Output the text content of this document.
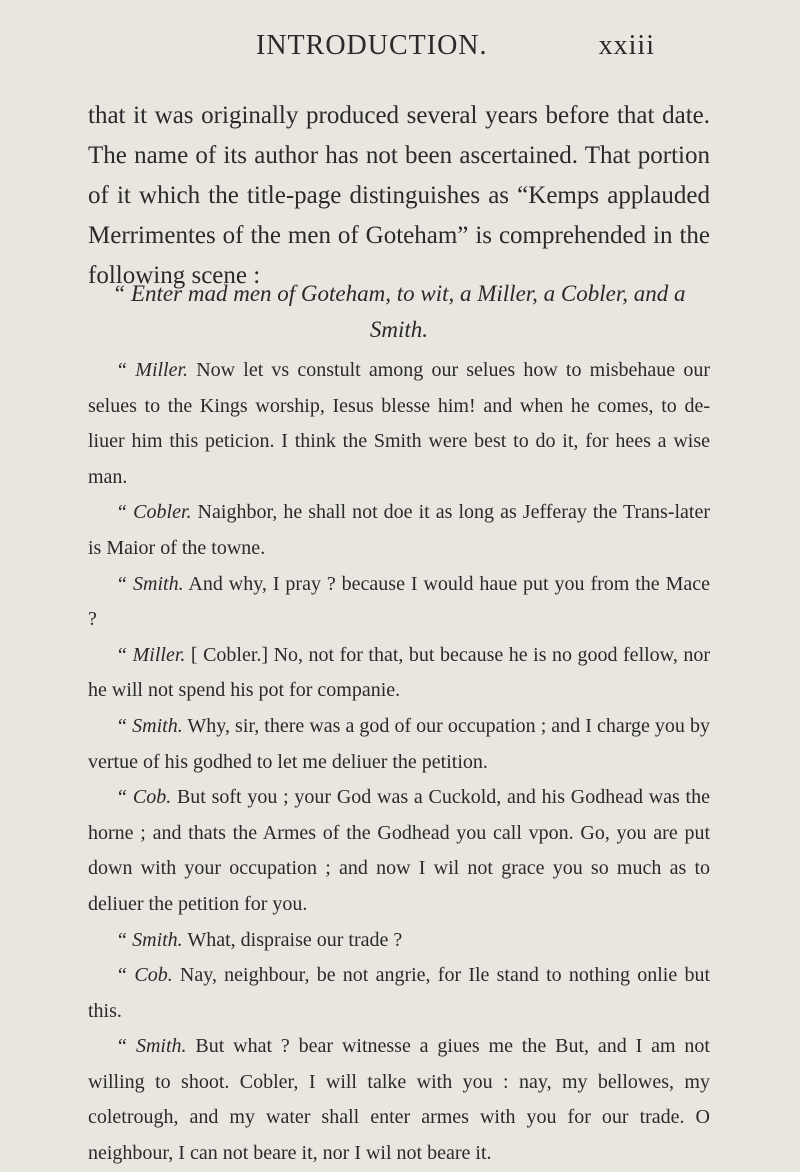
INTRODUCTION.	xxiii

that it was originally produced several years before that date. The name of its author has not been ascertained. That portion of it which the title-page distinguishes as “Kemps applauded Merrimentes of the men of Goteham” is comprehended in the following scene :

“ Enter mad men of Goteham, to wit, a Miller, a Cobler, and a Smith.

“ Miller. Now let vs constult among our selues how to misbehaue our selues to the Kings worship, Iesus blesse him! and when he comes, to de-liuer him this peticion. I think the Smith were best to do it, for hees a wise man.

“ Cobler. Naighbor, he shall not doe it as long as Jefferay the Trans-later is Maior of the towne.

“ Smith. And why, I pray ? because I would haue put you from the Mace ?

“ Miller. [ Cobler.] No, not for that, but because he is no good fellow, nor he will not spend his pot for companie.

“ Smith. Why, sir, there was a god of our occupation ; and I charge you by vertue of his godhed to let me deliuer the petition.

“ Cob. But soft you ; your God was a Cuckold, and his Godhead was the horne ; and thats the Armes of the Godhead you call vpon. Go, you are put down with your occupation ; and now I wil not grace you so much as to deliuer the petition for you.

“ Smith. What, dispraise our trade ?

“ Cob. Nay, neighbour, be not angrie, for Ile stand to nothing onlie but this.

“ Smith. But what ? bear witnesse a giues me the But, and I am not willing to shoot. Cobler, I will talke with you : nay, my bellowes, my coletrough, and my water shall enter armes with you for our trade. O neighbour, I can not beare it, nor I wil not beare it.
